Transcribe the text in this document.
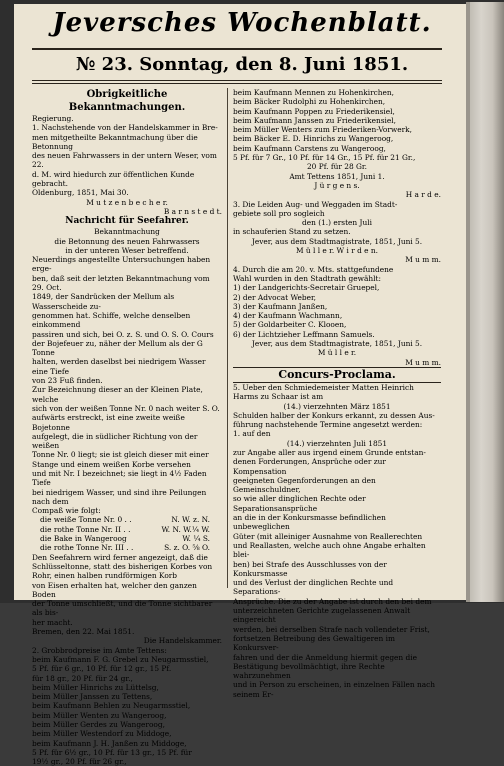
Jeversches Wochenblatt.
№ 23. Sonntag, den 8. Juni 1851.

Obrigkeitliche Bekanntmachungen.

Regierung.

1. Nachstehende von der Handelskammer in Bre-

men mitgetheilte Bekanntmachung über die Betonnung

des neuen Fahrwassers in der untern Weser, vom 22.

d. M. wird hiedurch zur öffentlichen Kunde gebracht.

Oldenburg, 1851, Mai 30.

M u t z e n b e c h e r.

B a r n s t e d t.

Nachricht für Seefahrer.

Bekanntmachung

die Betonnung des neuen Fahrwassers

in der unteren Weser betreffend.

Neuerdings angestellte Untersuchungen haben erge-

ben, daß seit der letzten Bekanntmachung vom 29. Oct.

1849, der Sandrücken der Mellum als Wasserscheide zu-

genommen hat. Schiffe, welche denselben einkommend

passiren und sich, bei O. z. S. und O. S. O. Cours

der Bojefeuer zu, näher der Mellum als der G Tonne

halten, werden daselbst bei niedrigem Wasser eine Tiefe

von 23 Fuß finden.

Zur Bezeichnung dieser an der Kleinen Plate, welche

sich von der weißen Tonne Nr. 0 nach weiter S. O.

aufwärts erstreckt, ist eine zweite weiße Bojetonne

aufgelegt, die in südlicher Richtung von der weißen

Tonne Nr. 0 liegt; sie ist gleich dieser mit einer

Stange und einem weißen Korbe versehen

und mit Nr. I bezeichnet; sie liegt in 4½ Faden Tiefe

bei niedrigem Wasser, und sind ihre Peilungen nach dem

Compaß wie folgt:

die weiße Tonne Nr. 0 . .	N. W. z. N.
die rothe Tonne Nr. II . .	W. N. W.¼ W.
die Bake in Wangeroog	W. ¼ S.
die rothe Tonne Nr. III . .	S. z. O. ⅝ O.

Den Seefahrern wird ferner angezeigt, daß die

Schlüsseltonne, statt des bisherigen Korbes von

Rohr, einen halben rundförmigen Korb

von Eisen erhalten hat, welcher den ganzen Boden

der Tonne umschließt, und die Tonne sichtbarer als bis-

her macht.

Bremen, den 22. Mai 1851.

Die Handelskammer.

2. Grobbrodpreise im Amte Tettens:

beim Kaufmann F. G. Grebel zu Neugarmsstiel,

5 Pf. für 6 gr., 10 Pf. für 12 gr., 15 Pf.

für 18 gr., 20 Pf. für 24 gr.,

beim Müller Hinrichs zu Lüttelsg,

beim Müller Janssen zu Tettens,

beim Kaufmann Behlen zu Neugarmsstiel,

beim Müller Wenten zu Wangeroog,

beim Müller Gerdes zu Wangeroog,

beim Müller Westendorf zu Middoge,

beim Kaufmann J. H. Janßen zu Middoge,

5 Pf. für 6½ gr., 10 Pf. für 13 gr., 15 Pf. für

19½ gr., 20 Pf. für 26 gr.,

beim Kaufmann Mennen zu Hohenkirchen,

beim Bäcker Rudolphi zu Hohenkirchen,

beim Kaufmann Poppen zu Friederikensiel,

beim Kaufmann Janssen zu Friederikensiel,

beim Müller Wenters zum Friederiken-Vorwerk,

beim Bäcker E. D. Hinrichs zu Wangeroog,

beim Kaufmann Carstens zu Wangeroog,

5 Pf. für 7 Gr., 10 Pf. für 14 Gr., 15 Pf. für 21 Gr.,

20 Pf. für 28 Gr.

Amt Tettens 1851, Juni 1.

J ü r g e n s.

H a r d e.

3. Die Leiden Aug- und Weggaden im Stadt-

gebiete soll pro sogleich

den (1.) ersten Juli

in schauferien Stand zu setzen.

Jever, aus dem Stadtmagistrate, 1851, Juni 5.

M ü l l e r. W i r d e n.

M u m m.

4. Durch die am 20. v. Mts. stattgefundene

Wahl wurden in den Stadtrath gewählt:

1) der Landgerichts-Secretair Gruepel,

2) der Advocat Weber,

3) der Kaufmann Janßen,

4) der Kaufmann Wachmann,

5) der Goldarbeiter C. Klooen,

6) der Lichtzieher Leffmann Samuels.

Jever, aus dem Stadtmagistrate, 1851, Juni 5.

M ü l l e r.

M u m m.

Concurs-Proclama.

5. Ueber den Schmiedemeister Matten Heinrich

Harms zu Schaar ist am

(14.) vierzehnten März 1851

Schulden halber der Konkurs erkannt, zu dessen Aus-

führung nachstehende Termine angesetzt werden:

1. auf den

(14.) vierzehnten Juli 1851

zur Angabe aller aus irgend einem Grunde entstan-

denen Forderungen, Ansprüche oder zur Kompensation

geeigneten Gegenforderungen an den Gemeinschuldner,

so wie aller dinglichen Rechte oder Separationsansprüche

an die in der Konkursmasse befindlichen unbeweglichen

Güter (mit alleiniger Ausnahme von Reallerechten

und Reallasten, welche auch ohne Angabe erhalten blei-

ben) bei Strafe des Ausschlusses von der Konkursmasse

und des Verlust der dinglichen Rechte und Separations-

Ansprüche. Die zu der Angabe ist durch den bei dem

unterzeichneten Gerichte zugelassenen Anwalt eingereicht

werden, bei derselben Strafe nach vollendeter Frist,

fortsetzen Betreibung des Gewaltigeren im Konkursver-

fahren und der die Anmeldung hiermit gegen die

Bestätigung bevollmächtigt, ihre Rechte wahrzunehmen

und in Person zu erscheinen, in einzelnen Fällen nach seinem Er-
